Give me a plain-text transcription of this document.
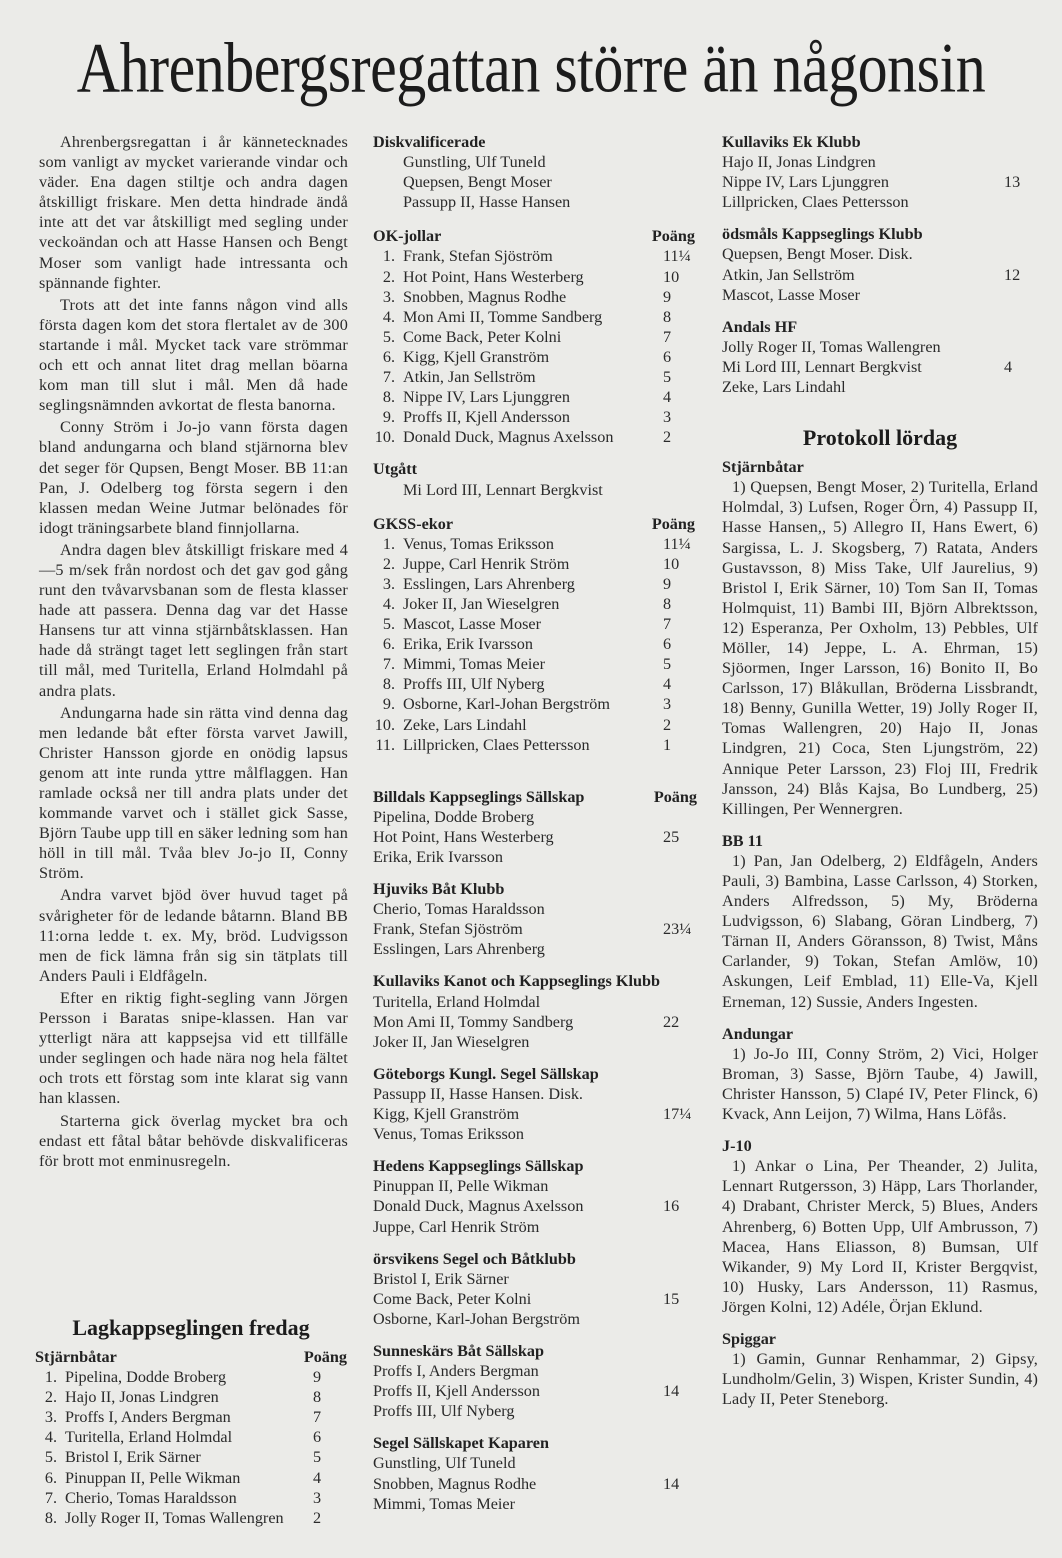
Ahrenbergsregattan större än någonsin

Ahrenbergsregattan i år kännetecknades som vanligt av mycket varierande vindar och väder. Ena dagen stiltje och andra dagen åtskilligt friskare. Men detta hindrade ändå inte att det var åtskilligt med segling under veckoändan och att Hasse Hansen och Bengt Moser som vanligt hade intressanta och spännande fighter.

Trots att det inte fanns någon vind alls första dagen kom det stora flertalet av de 300 startande i mål. Mycket tack vare strömmar och ett och annat litet drag mellan böarna kom man till slut i mål. Men då hade seglingsnämnden avkortat de flesta banorna.

Conny Ström i Jo-jo vann första dagen bland andungarna och bland stjärnorna blev det seger för Qupsen, Bengt Moser. BB 11:an Pan, J. Odelberg tog första segern i den klassen medan Weine Jutmar belönades för idogt träningsarbete bland finnjollarna.

Andra dagen blev åtskilligt friskare med 4—5 m/sek från nordost och det gav god gång runt den tvåvarvsbanan som de flesta klasser hade att passera. Denna dag var det Hasse Hansens tur att vinna stjärnbåtsklassen. Han hade då strängt taget lett seglingen från start till mål, med Turitella, Erland Holmdahl på andra plats.

Andungarna hade sin rätta vind denna dag men ledande båt efter första varvet Jawill, Christer Hansson gjorde en onödig lapsus genom att inte runda yttre målflaggen. Han ramlade också ner till andra plats under det kommande varvet och i stället gick Sasse, Björn Taube upp till en säker ledning som han höll in till mål. Tvåa blev Jo-jo II, Conny Ström.

Andra varvet bjöd över huvud taget på svårigheter för de ledande båtarnn. Bland BB 11:orna ledde t. ex. My, bröd. Ludvigsson men de fick lämna från sig sin tätplats till Anders Pauli i Eldfågeln.

Efter en riktig fight-segling vann Jörgen Persson i Baratas snipe-klassen. Han var ytterligt nära att kappsejsa vid ett tillfälle under seglingen och hade nära nog hela fältet och trots ett förstag som inte klarat sig vann han klassen.

Starterna gick överlag mycket bra och endast ett fåtal båtar behövde diskvalificeras för brott mot enminusregeln.

Lagkappseglingen fredag
Stjärnbåtar	Poäng
1. Pipelina, Dodde Broberg	9
2. Hajo II, Jonas Lindgren	8
3. Proffs I, Anders Bergman	7
4. Turitella, Erland Holmdal	6
5. Bristol I, Erik Särner	5
6. Pinuppan II, Pelle Wikman	4
7. Cherio, Tomas Haraldsson	3
8. Jolly Roger II, Tomas Wallengren	2
Diskvalificerade
Gunstling, Ulf Tuneld
Quepsen, Bengt Moser
Passupp II, Hasse Hansen
OK-jollar	Poäng
1. Frank, Stefan Sjöström	11¼
2. Hot Point, Hans Westerberg	10
3. Snobben, Magnus Rodhe	9
4. Mon Ami II, Tomme Sandberg	8
5. Come Back, Peter Kolni	7
6. Kigg, Kjell Granström	6
7. Atkin, Jan Sellström	5
8. Nippe IV, Lars Ljunggren	4
9. Proffs II, Kjell Andersson	3
10. Donald Duck, Magnus Axelsson	2
Utgått
Mi Lord III, Lennart Bergkvist
GKSS-ekor	Poäng
1. Venus, Tomas Eriksson	11¼
2. Juppe, Carl Henrik Ström	10
3. Esslingen, Lars Ahrenberg	9
4. Joker II, Jan Wieselgren	8
5. Mascot, Lasse Moser	7
6. Erika, Erik Ivarsson	6
7. Mimmi, Tomas Meier	5
8. Proffs III, Ulf Nyberg	4
9. Osborne, Karl-Johan Bergström	3
10. Zeke, Lars Lindahl	2
11. Lillpricken, Claes Pettersson	1
Billdals Kappseglings Sällskap	Poäng
Pipelina, Dodde Broberg
Hot Point, Hans Westerberg	25
Erika, Erik Ivarsson
Hjuviks Båt Klubb
Cherio, Tomas Haraldsson
Frank, Stefan Sjöström	23¼
Esslingen, Lars Ahrenberg
Kullaviks Kanot och Kappseglings Klubb
Turitella, Erland Holmdal
Mon Ami II, Tommy Sandberg	22
Joker II, Jan Wieselgren
Göteborgs Kungl. Segel Sällskap
Passupp II, Hasse Hansen. Disk.
Kigg, Kjell Granström	17¼
Venus, Tomas Eriksson
Hedens Kappseglings Sällskap
Pinuppan II, Pelle Wikman
Donald Duck, Magnus Axelsson	16
Juppe, Carl Henrik Ström
örsvikens Segel och Båtklubb
Bristol I, Erik Särner
Come Back, Peter Kolni	15
Osborne, Karl-Johan Bergström
Sunneskärs Båt Sällskap
Proffs I, Anders Bergman
Proffs II, Kjell Andersson	14
Proffs III, Ulf Nyberg
Segel Sällskapet Kaparen
Gunstling, Ulf Tuneld
Snobben, Magnus Rodhe	14
Mimmi, Tomas Meier
Kullaviks Ek Klubb
Hajo II, Jonas Lindgren
Nippe IV, Lars Ljunggren	13
Lillpricken, Claes Pettersson
ödsmåls Kappseglings Klubb
Quepsen, Bengt Moser. Disk.
Atkin, Jan Sellström	12
Mascot, Lasse Moser
Andals HF
Jolly Roger II, Tomas Wallengren
Mi Lord III, Lennart Bergkvist	4
Zeke, Lars Lindahl
Protokoll lördag
Stjärnbåtar

1) Quepsen, Bengt Moser, 2) Turitella, Erland Holmdal, 3) Lufsen, Roger Örn, 4) Passupp II, Hasse Hansen,, 5) Allegro II, Hans Ewert, 6) Sargissa, L. J. Skogsberg, 7) Ratata, Anders Gustavsson, 8) Miss Take, Ulf Jaurelius, 9) Bristol I, Erik Särner, 10) Tom San II, Tomas Holmquist, 11) Bambi III, Björn Albrektsson, 12) Esperanza, Per Oxholm, 13) Pebbles, Ulf Möller, 14) Jeppe, L. A. Ehrman, 15) Sjöormen, Inger Larsson, 16) Bonito II, Bo Carlsson, 17) Blåkullan, Bröderna Lissbrandt, 18) Benny, Gunilla Wetter, 19) Jolly Roger II, Tomas Wallengren, 20) Hajo II, Jonas Lindgren, 21) Coca, Sten Ljungström, 22) Annique Peter Larsson, 23) Floj III, Fredrik Jansson, 24) Blås Kajsa, Bo Lundberg, 25) Killingen, Per Wennergren.

BB 11

1) Pan, Jan Odelberg, 2) Eldfågeln, Anders Pauli, 3) Bambina, Lasse Carlsson, 4) Storken, Anders Alfredsson, 5) My, Bröderna Ludvigsson, 6) Slabang, Göran Lindberg, 7) Tärnan II, Anders Göransson, 8) Twist, Måns Carlander, 9) Tokan, Stefan Amlöw, 10) Askungen, Leif Emblad, 11) Elle-Va, Kjell Erneman, 12) Sussie, Anders Ingesten.

Andungar

1) Jo-Jo III, Conny Ström, 2) Vici, Holger Broman, 3) Sasse, Björn Taube, 4) Jawill, Christer Hansson, 5) Clapé IV, Peter Flinck, 6) Kvack, Ann Leijon, 7) Wilma, Hans Löfås.

J-10

1) Ankar o Lina, Per Theander, 2) Julita, Lennart Rutgersson, 3) Häpp, Lars Thorlander, 4) Drabant, Christer Merck, 5) Blues, Anders Ahrenberg, 6) Botten Upp, Ulf Ambrusson, 7) Macea, Hans Eliasson, 8) Bumsan, Ulf Wikander, 9) My Lord II, Krister Bergqvist, 10) Husky, Lars Andersson, 11) Rasmus, Jörgen Kolni, 12) Adéle, Örjan Eklund.

Spiggar

1) Gamin, Gunnar Renhammar, 2) Gipsy, Lundholm/Gelin, 3) Wispen, Krister Sundin, 4) Lady II, Peter Steneborg.
